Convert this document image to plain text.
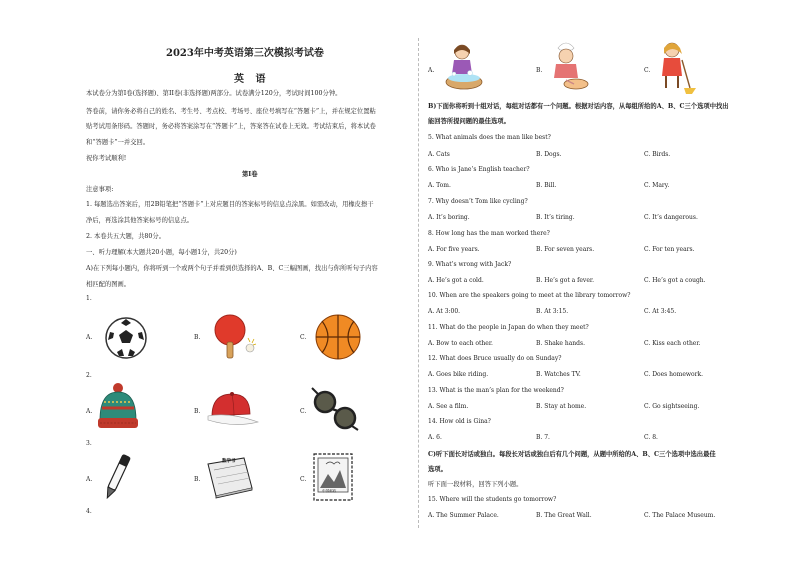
2023年中考英语第三次模拟考试卷
英 语
本试卷分为第I卷(选择题)、第II卷(非选择题)两部分。试卷满分120分，考试时间100分钟。
答卷前，请你务必将自己的姓名、考生号、考点校、考场号、座位号填写在“答题卡”上，并在规定位置粘
贴考试用条形码。答题时，务必将答案涂写在“答题卡”上，答案答在试卷上无效。考试结束后，将本试卷
和“答题卡”一并交回。
祝你考试顺利!
第I卷
注意事项:
1. 每题选出答案后，用2B铅笔把“答题卡”上对应题目的答案标号的信息点涂黑。如需改动，用橡皮擦干
净后，再选涂其他答案标号的信息点。
2. 本卷共五大题，共80分。
一、听力理解(本大题共20小题，每小题1分，共20分)
A)在下列每小题内，你将听到一个或两个句子并看到供选择的A、B、C三幅图画，找出与你所听句子内容
相匹配的图画。
1.
A.	B.	C.
2.
A.	B.	C.
3.
A.	B.
数学书
C.
中国邮政
4.
A.	B.	C.
B)下面你将听到十组对话，每组对话都有一个问题。根据对话内容，从每组所给的A、B、C三个选项中找出
能回答所提问题的最佳选项。
5. What animals does the man like best?
A. Cats	B. Dogs.	C. Birds.
6. Who is Jane’s English teacher?
A. Tom.	B. Bill.	C. Mary.
7. Why doesn’t Tom like cycling?
A. It’s boring.	B. It’s tiring.	C. It’s dangerous.
8. How long has the man worked there?
A. For five years.	B. For seven years.	C. For ten years.
9. What’s wrong with Jack?
A. He’s got a cold.	B. He’s got a fever.	C. He’s got a cough.
10. When are the speakers going to meet at the library tomorrow?
A. At 3:00.	B. At 3:15.	C. At 3:45.
11. What do the people in Japan do when they meet?
A. Bow to each other.	B. Shake hands.	C. Kiss each other.
12. What does Bruce usually do on Sunday?
A. Goes bike riding.	B. Watches TV.	C. Does homework.
13. What is the man’s plan for the weekend?
A. See a film.	B. Stay at home.	C. Go sightseeing.
14. How old is Gina?
A. 6.	B. 7.	C. 8.
C)听下面长对话或独白。每段长对话或独白后有几个问题，从题中所给的A、B、C三个选项中选出最佳
选项。
听下面一段材料，回答下列小题。
15. Where will the students go tomorrow?
A. The Summer Palace.	B. The Great Wall.	C. The Palace Museum.
